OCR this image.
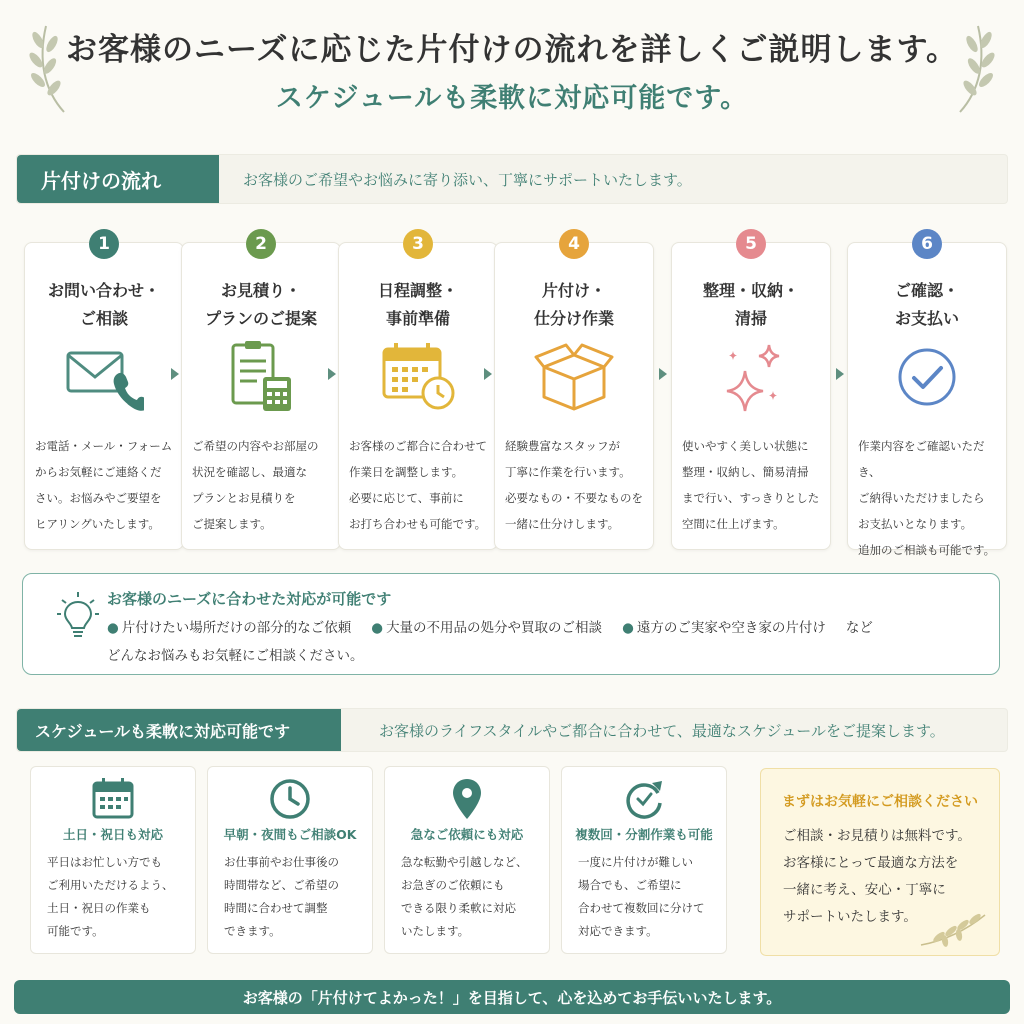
お客様のニーズに応じた片付けの流れを詳しくご説明します。
スケジュールも柔軟に対応可能です。
片付けの流れ	お客様のご希望やお悩みに寄り添い、丁寧にサポートいたします。
1
お問い合わせ・
ご相談
お電話・メール・フォーム
からお気軽にご連絡くだ
さい。お悩みやご要望を
ヒアリングいたします。
2
お見積り・
プランのご提案
ご希望の内容やお部屋の
状況を確認し、最適な
プランとお見積りを
ご提案します。
3
日程調整・
事前準備
お客様のご都合に合わせて
作業日を調整します。
必要に応じて、事前に
お打ち合わせも可能です。
4
片付け・
仕分け作業
経験豊富なスタッフが
丁寧に作業を行います。
必要なもの・不要なものを
一緒に仕分けします。
5
整理・収納・
清掃
使いやすく美しい状態に
整理・収納し、簡易清掃
まで行い、すっきりとした
空間に仕上げます。
6
ご確認・
お支払い
作業内容をご確認いただき、
ご納得いただけましたら
お支払いとなります。
追加のご相談も可能です。
お客様のニーズに合わせた対応が可能です
● 片付けたい場所だけの部分的なご依頼 ● 大量の不用品の処分や買取のご相談 ● 遠方のご実家や空き家の片付け など
どんなお悩みもお気軽にご相談ください。
スケジュールも柔軟に対応可能です	お客様のライフスタイルやご都合に合わせて、最適なスケジュールをご提案します。
土日・祝日も対応
平日はお忙しい方でも
ご利用いただけるよう、
土日・祝日の作業も
可能です。
早朝・夜間もご相談OK
お仕事前やお仕事後の
時間帯など、ご希望の
時間に合わせて調整
できます。
急なご依頼にも対応
急な転勤や引越しなど、
お急ぎのご依頼にも
できる限り柔軟に対応
いたします。
複数回・分割作業も可能
一度に片付けが難しい
場合でも、ご希望に
合わせて複数回に分けて
対応できます。
まずはお気軽にご相談ください
ご相談・お見積りは無料です。
お客様にとって最適な方法を
一緒に考え、安心・丁寧に
サポートいたします。
お客様の「片付けてよかった！」を目指して、心を込めてお手伝いいたします。
